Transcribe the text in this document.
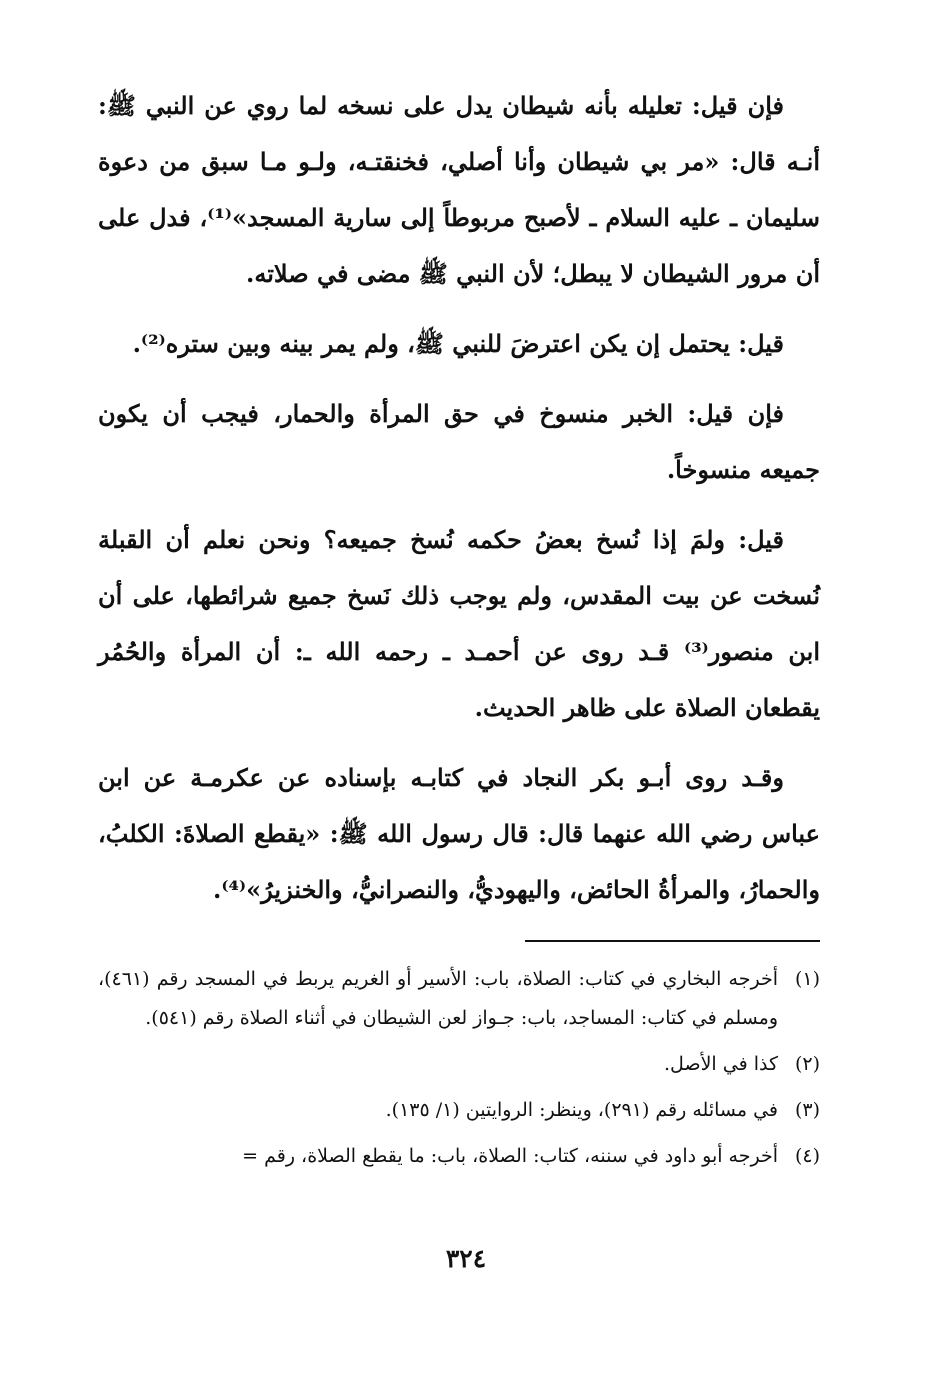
فإن قيل: تعليله بأنه شيطان يدل على نسخه لما روي عن النبي ﷺ: أنـه قال: «مر بي شيطان وأنا أصلي، فخنقتـه، ولـو مـا سبق من دعوة سليمان ـ عليه السلام ـ لأصبح مربوطاً إلى سارية المسجد»⁽¹⁾، فدل على أن مرور الشيطان لا يبطل؛ لأن النبي ﷺ مضى في صلاته.

قيل: يحتمل إن يكن اعترضَ للنبي ﷺ، ولم يمر بينه وبين ستره⁽²⁾.

فإن قيل: الخبر منسوخ في حق المرأة والحمار، فيجب أن يكون جميعه منسوخاً.

قيل: ولمَ إذا نُسخ بعضُ حكمه نُسخ جميعه؟ ونحن نعلم أن القبلة نُسخت عن بيت المقدس، ولم يوجب ذلك نَسخ جميع شرائطها، على أن ابن منصور⁽³⁾ قـد روى عن أحمـد ـ رحمه الله ـ: أن المرأة والحُمُر يقطعان الصلاة على ظاهر الحديث.

وقـد روى أبـو بكر النجاد في كتابـه بإسناده عن عكرمـة عن ابن عباس رضي الله عنهما قال: قال رسول الله ﷺ: «يقطع الصلاةَ: الكلبُ، والحمارُ، والمرأةُ الحائض، واليهوديُّ، والنصرانيُّ، والخنزيرُ»⁽⁴⁾.

(١)
أخرجه البخاري في كتاب: الصلاة، باب: الأسير أو الغريم يربط في المسجد رقم (٤٦١)، ومسلم في كتاب: المساجد، باب: جـواز لعن الشيطان في أثناء الصلاة رقم (٥٤١).
(٢)
كذا في الأصل.
(٣)
في مسائله رقم (٢٩١)، وينظر: الروايتين (١/ ١٣٥).
(٤)
أخرجه أبو داود في سننه، كتاب: الصلاة، باب: ما يقطع الصلاة، رقم =
٣٢٤
